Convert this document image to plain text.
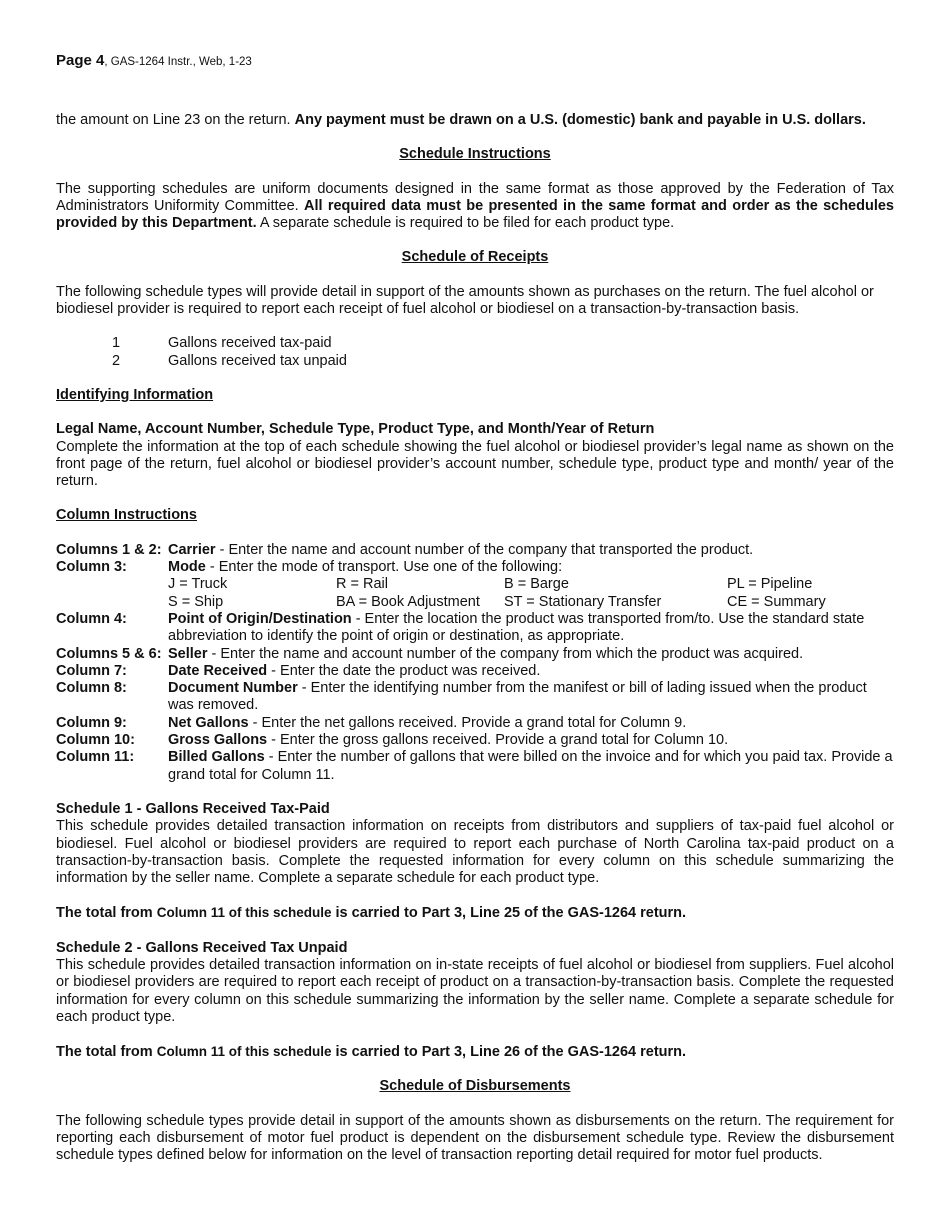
Page 4, GAS-1264 Instr., Web, 1-23

the amount on Line 23 on the return. Any payment must be drawn on a U.S. (domestic) bank and payable in U.S. dollars.

Schedule Instructions

The supporting schedules are uniform documents designed in the same format as those approved by the Federation of Tax Administrators Uniformity Committee. All required data must be presented in the same format and order as the schedules provided by this Department. A separate schedule is required to be filed for each product type.

Schedule of Receipts

The following schedule types will provide detail in support of the amounts shown as purchases on the return. The fuel alcohol or biodiesel provider is required to report each receipt of fuel alcohol or biodiesel on a transaction-by-transaction basis.

1	Gallons received tax-paid
2	Gallons received tax unpaid
Identifying Information
Legal Name, Account Number, Schedule Type, Product Type, and Month/Year of Return

Complete the information at the top of each schedule showing the fuel alcohol or biodiesel provider’s legal name as shown on the front page of the return, fuel alcohol or biodiesel provider’s account number, schedule type, product type and month/ year of the return.

Column Instructions
Columns 1 & 2: Carrier - Enter the name and account number of the company that transported the product.
Column 3:	Mode - Enter the mode of transport. Use one of the following:
J = Truck	R = Rail	B = Barge	PL = Pipeline
S = Ship	BA = Book Adjustment	ST = Stationary Transfer	CE = Summary
Column 4:	Point of Origin/Destination - Enter the location the product was transported from/to. Use the standard state abbreviation to identify the point of origin or destination, as appropriate.
Columns 5 & 6: Seller - Enter the name and account number of the company from which the product was acquired.
Column 7:	Date Received - Enter the date the product was received.
Column 8:	Document Number - Enter the identifying number from the manifest or bill of lading issued when the product was removed.
Column 9:	Net Gallons - Enter the net gallons received. Provide a grand total for Column 9.
Column 10:	Gross Gallons - Enter the gross gallons received. Provide a grand total for Column 10.
Column 11:	Billed Gallons - Enter the number of gallons that were billed on the invoice and for which you paid tax. Provide a grand total for Column 11.
Schedule 1 - Gallons Received Tax-Paid

This schedule provides detailed transaction information on receipts from distributors and suppliers of tax-paid fuel alcohol or biodiesel. Fuel alcohol or biodiesel providers are required to report each purchase of North Carolina tax-paid product on a transaction-by-transaction basis. Complete the requested information for every column on this schedule summarizing the information by the seller name. Complete a separate schedule for each product type.

The total from Column 11 of this schedule is carried to Part 3, Line 25 of the GAS-1264 return.

Schedule 2 - Gallons Received Tax Unpaid

This schedule provides detailed transaction information on in-state receipts of fuel alcohol or biodiesel from suppliers. Fuel alcohol or biodiesel providers are required to report each receipt of product on a transaction-by-transaction basis. Complete the requested information for every column on this schedule summarizing the information by the seller name. Complete a separate schedule for each product type.

The total from Column 11 of this schedule is carried to Part 3, Line 26 of the GAS-1264 return.

Schedule of Disbursements

The following schedule types provide detail in support of the amounts shown as disbursements on the return. The requirement for reporting each disbursement of motor fuel product is dependent on the disbursement schedule type. Review the disbursement schedule types defined below for information on the level of transaction reporting detail required for motor fuel products.
